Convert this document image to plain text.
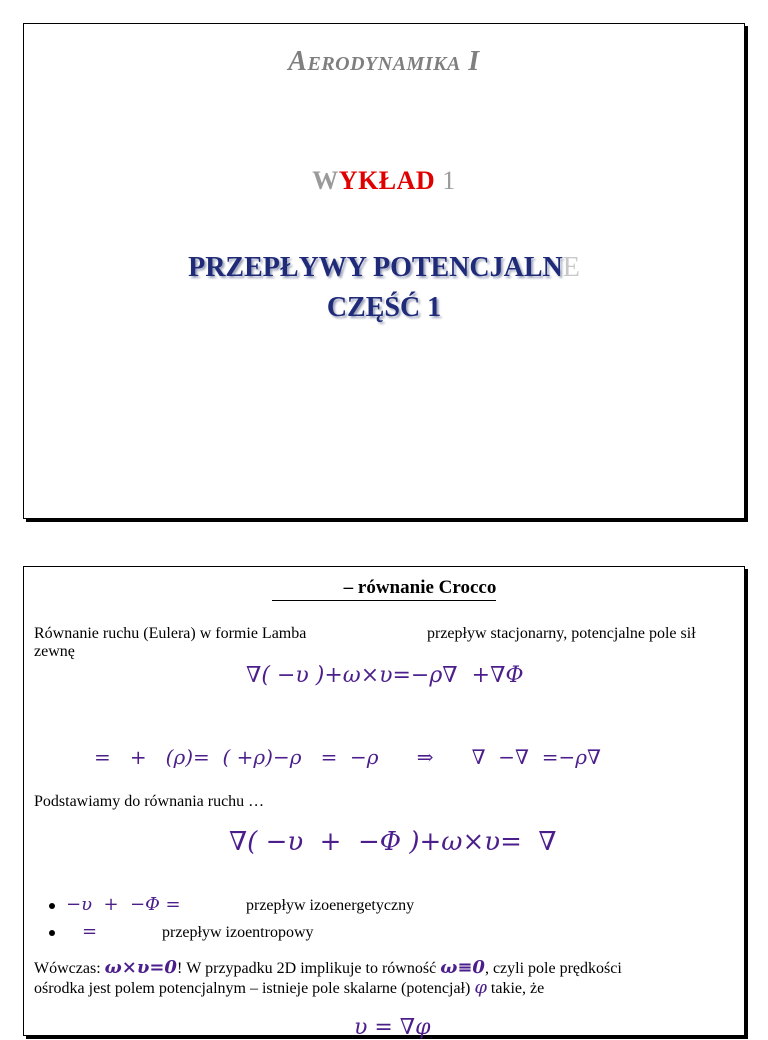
Aerodynamika I
WYKŁAD 1
PRZEPŁYWY POTENCJALNE
CZĘŚĆ 1
– równanie Crocco
Równanie ruchu (Eulera) w formie Lamba	przepływ stacjonarny, potencjalne pole sił
zewnę
∇( −υ )+ω×υ=−ρ∇  +∇Φ
=   +   (ρ)=  ( +ρ)−ρ   =  −ρ      ⇒      ∇  −∇  =−ρ∇
Podstawiamy do równania ruchu …
∇( −υ  +  −Φ )+ω×υ=  ∇
−υ  +  −Φ =	przepływ izoenergetyczny
=	przepływ izoentropowy
Wówczas: ω×υ=0! W przypadku 2D implikuje to równość ω≡0, czyli pole prędkości
ośrodka jest polem potencjalnym – istnieje pole skalarne (potencjał) φ takie, że
υ = ∇φ
